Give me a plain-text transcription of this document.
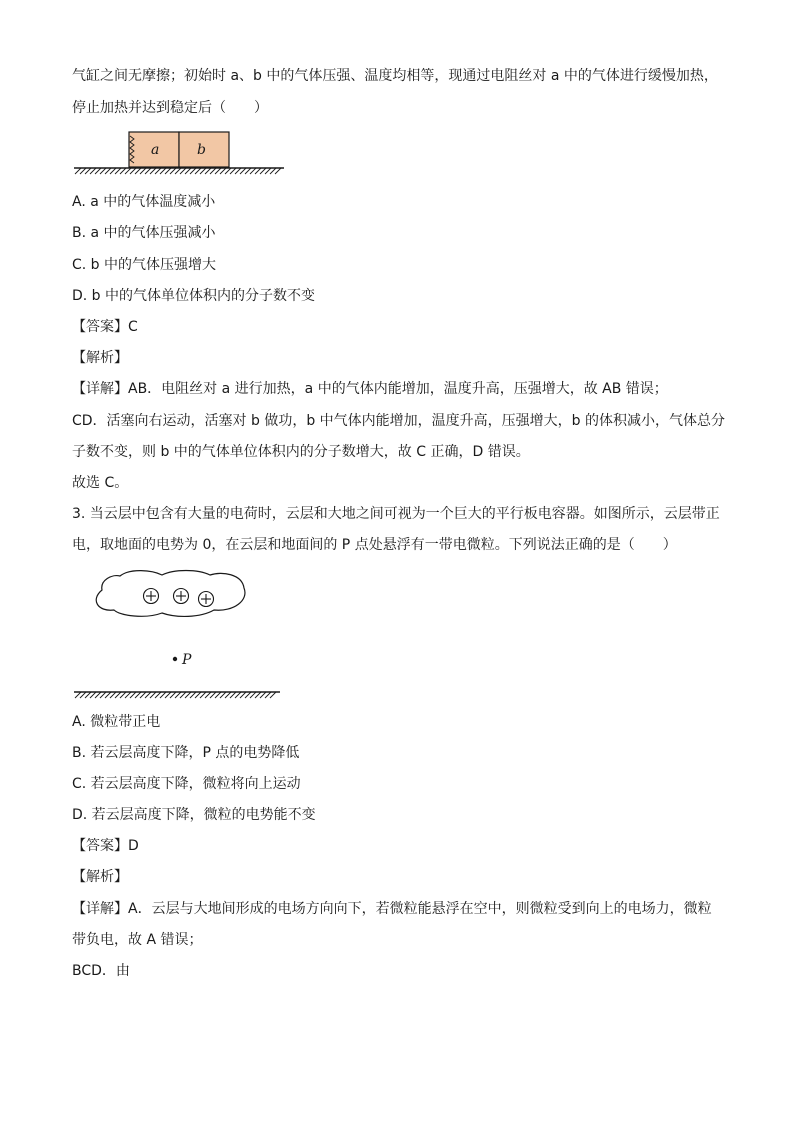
气缸之间无摩擦；初始时 a、b 中的气体压强、温度均相等，现通过电阻丝对 a 中的气体进行缓慢加热，
停止加热并达到稳定后（　　）
a	b
A. a 中的气体温度减小
B. a 中的气体压强减小
C. b 中的气体压强增大
D. b 中的气体单位体积内的分子数不变
【答案】C
【解析】
【详解】AB．电阻丝对 a 进行加热，a 中的气体内能增加，温度升高，压强增大，故 AB 错误；
CD．活塞向右运动，活塞对 b 做功，b 中气体内能增加，温度升高，压强增大，b 的体积减小，气体总分
子数不变，则 b 中的气体单位体积内的分子数增大，故 C 正确，D 错误。
故选 C。
3. 当云层中包含有大量的电荷时，云层和大地之间可视为一个巨大的平行板电容器。如图所示，云层带正
电，取地面的电势为 0，在云层和地面间的 P 点处悬浮有一带电微粒。下列说法正确的是（　　）
P
A. 微粒带正电
B. 若云层高度下降，P 点的电势降低
C. 若云层高度下降，微粒将向上运动
D. 若云层高度下降，微粒的电势能不变
【答案】D
【解析】
【详解】A．云层与大地间形成的电场方向向下，若微粒能悬浮在空中，则微粒受到向上的电场力，微粒
带负电，故 A 错误；
BCD．由
